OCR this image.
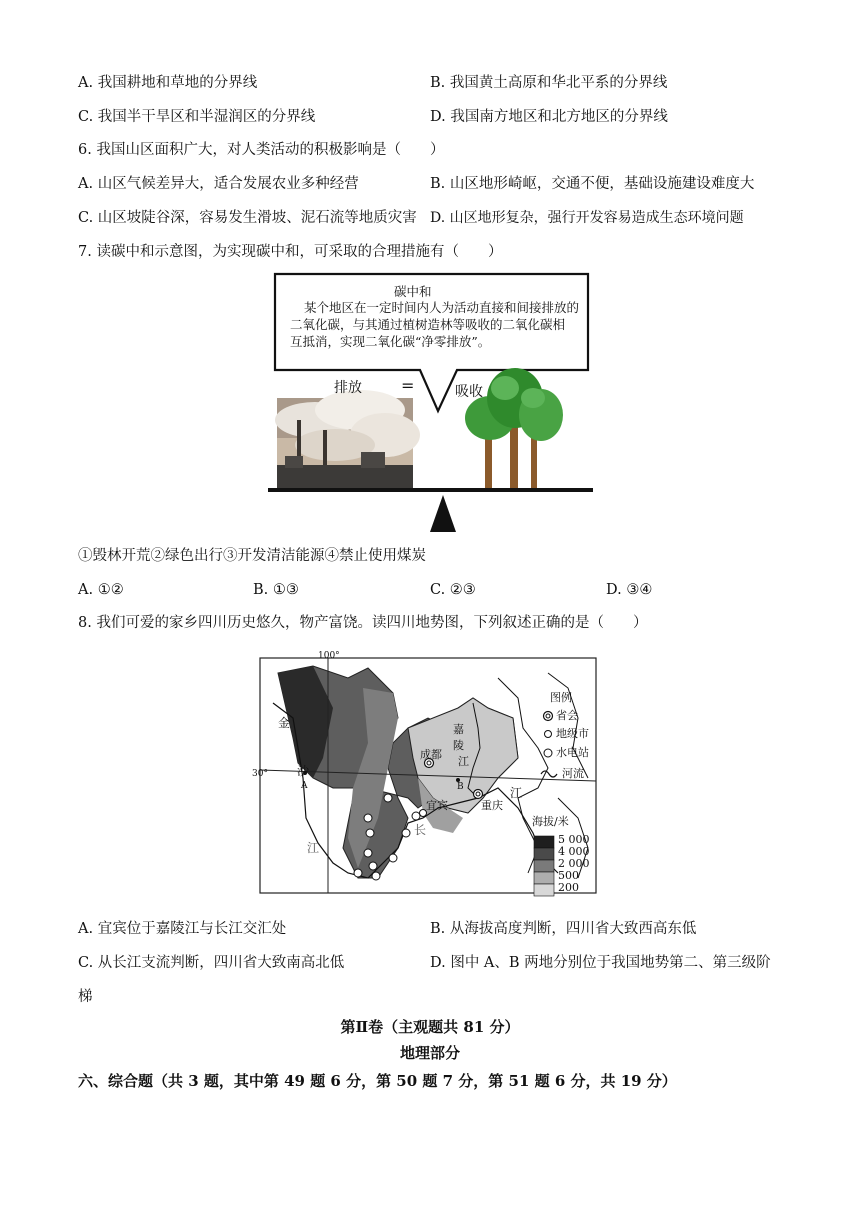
A. 我国耕地和草地的分界线	B. 我国黄土高原和华北平系的分界线
C. 我国半干旱区和半湿润区的分界线	D. 我国南方地区和北方地区的分界线
6. 我国山区面积广大，对人类活动的积极影响是（　　）
A. 山区气候差异大，适合发展农业多种经营	B. 山区地形崎岖，交通不便，基础设施建设难度大
C. 山区坡陡谷深，容易发生滑坡、泥石流等地质灾害 D. 山区地形复杂，强行开发容易造成生态环境问题
7. 读碳中和示意图，为实现碳中和，可采取的合理措施有（　　）
碳中和
某个地区在一定时间内人为活动直接和间接排放的
二氧化碳，与其通过植树造林等吸收的二氧化碳相
互抵消，实现二氧化碳“净零排放”。
排放 =	吸收
①毁林开荒②绿色出行③开发清洁能源④禁止使用煤炭
A. ①②	B. ①③	C. ②③	D. ③④
8. 我们可爱的家乡四川历史悠久，物产富饶。读四川地势图，下列叙述正确的是（　　）
100°
30°
金
沙
A
江
成都
嘉
陵
江
B
宜宾	重庆
长
江
图例
省会
地级市
水电站
河流
海拔/米
5 000
4 000
2 000
500
200
A. 宜宾位于嘉陵江与长江交汇处	B. 从海拔高度判断，四川省大致西高东低
C. 从长江支流判断，四川省大致南高北低	D. 图中 A、B 两地分别位于我国地势第二、第三级阶
梯
第Ⅱ卷（主观题共 81 分）
地理部分
六、综合题（共 3 题，其中第 49 题 6 分，第 50 题 7 分，第 51 题 6 分，共 19 分）
